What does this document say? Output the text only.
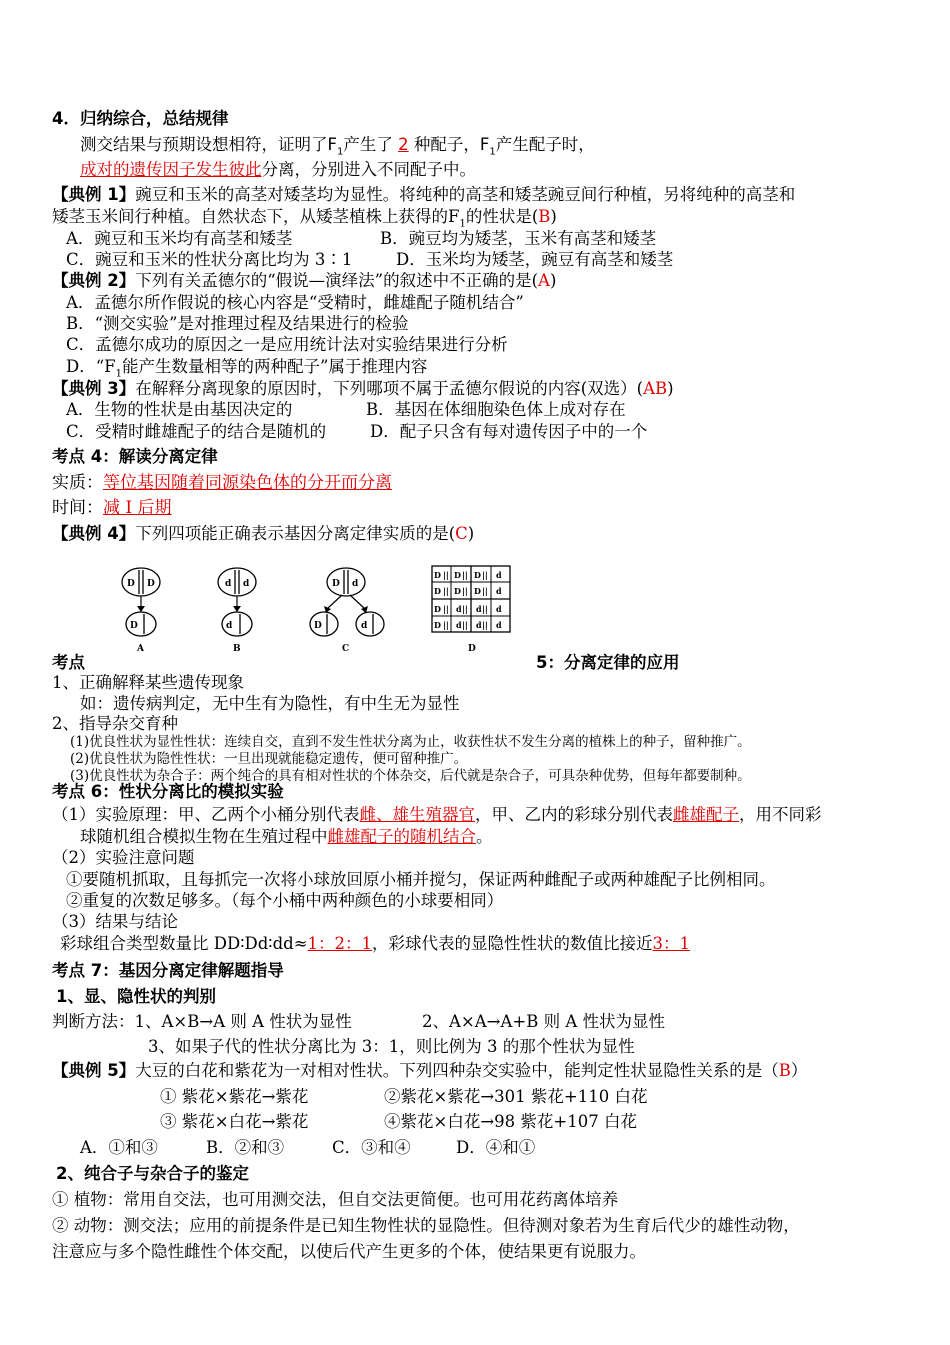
4．归纳综合，总结规律
测交结果与预期设想相符，证明了$F_1$产生了 2 种配子，$F_1$产生配子时，
成对的遗传因子发生彼此分离，分别进入不同配子中。
【典例 1】豌豆和玉米的高茎对矮茎均为显性。将纯种的高茎和矮茎豌豆间行种植，另将纯种的高茎和
矮茎玉米间行种植。自然状态下，从矮茎植株上获得的$F_1$的性状是(B)
A．豌豆和玉米均有高茎和矮茎	B．豌豆均为矮茎，玉米有高茎和矮茎
C．豌豆和玉米的性状分离比均为 3∶1	D．玉米均为矮茎，豌豆有高茎和矮茎
【典例 2】下列有关孟德尔的“假说—演绎法”的叙述中不正确的是(A)
A．孟德尔所作假说的核心内容是“受精时，雌雄配子随机结合”
B．“测交实验”是对推理过程及结果进行的检验
C．孟德尔成功的原因之一是应用统计法对实验结果进行分析
D．“$F_1$能产生数量相等的两种配子”属于推理内容
【典例 3】在解释分离现象的原因时，下列哪项不属于孟德尔假说的内容(双选）(AB)
A．生物的性状是由基因决定的	B．基因在体细胞染色体上成对存在
C．受精时雌雄配子的结合是随机的	D．配子只含有每对遗传因子中的一个
考点 4：解读分离定律
实质：等位基因随着同源染色体的分开而分离
时间：减 I 后期
【典例 4】下列四项能正确表示基因分离定律实质的是(C)
D D
D
A
d d
d
B
D d
D	d
C
D || D || D || d
D || D || D || d
D || d || d || d
D || d || d || d
D
考点	5：分离定律的应用
1、正确解释某些遗传现象
如：遗传病判定，无中生有为隐性，有中生无为显性
2、指导杂交育种
(1)优良性状为显性性状：连续自交，直到不发生性状分离为止，收获性状不发生分离的植株上的种子，留种推广。
(2)优良性状为隐性性状：一旦出现就能稳定遗传，便可留种推广。
(3)优良性状为杂合子：两个纯合的具有相对性状的个体杂交，后代就是杂合子，可具杂种优势，但每年都要制种。
考点 6：性状分离比的模拟实验
（1）实验原理：甲、乙两个小桶分别代表雌、雄生殖器官，甲、乙内的彩球分别代表雌雄配子，用不同彩
球随机组合模拟生物在生殖过程中雌雄配子的随机结合。
（2）实验注意问题
①要随机抓取，且每抓完一次将小球放回原小桶并搅匀，保证两种雌配子或两种雄配子比例相同。
②重复的次数足够多。（每个小桶中两种颜色的小球要相同）
（3）结果与结论
彩球组合类型数量比 DD∶Dd∶dd≈1：2：1，彩球代表的显隐性性状的数值比接近3：1
考点 7：基因分离定律解题指导
1、显、隐性状的判别
判断方法：1、A×B→A 则 A 性状为显性	2、A×A→A+B 则 A 性状为显性
3、如果子代的性状分离比为 3：1，则比例为 3 的那个性状为显性
【典例 5】大豆的白花和紫花为一对相对性状。下列四种杂交实验中，能判定性状显隐性关系的是（B）
① 紫花×紫花→紫花	②紫花×紫花→301 紫花+110 白花
③ 紫花×白花→紫花	④紫花×白花→98 紫花+107 白花
A．①和③	B．②和③	C．③和④	D．④和①
2、纯合子与杂合子的鉴定
① 植物：常用自交法，也可用测交法，但自交法更简便。也可用花药离体培养
② 动物：测交法；应用的前提条件是已知生物性状的显隐性。但待测对象若为生育后代少的雄性动物，
注意应与多个隐性雌性个体交配，以使后代产生更多的个体，使结果更有说服力。
